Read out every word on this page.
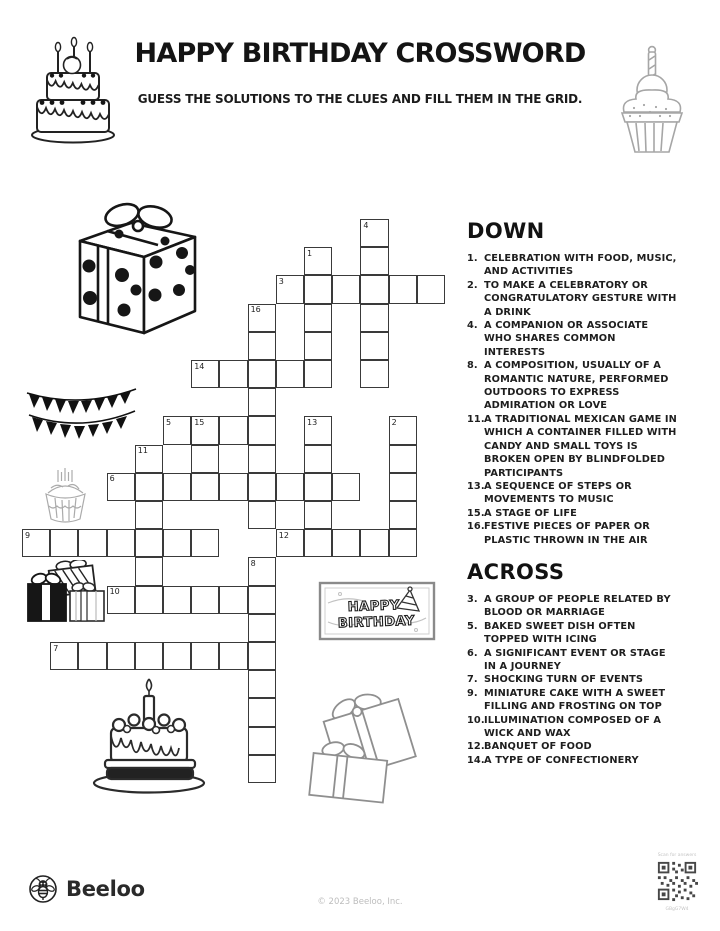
HAPPY BIRTHDAY CROSSWORD
GUESS THE SOLUTIONS TO THE CLUES AND FILL THEM IN THE GRID.
HAPPY
BIRTHDAY
4
1
3
16
14
5	15	13	2
11
6
9	12
8
10
7
DOWN
1. CELEBRATION WITH FOOD, MUSIC, AND ACTIVITIES
2. TO MAKE A CELEBRATORY OR CONGRATULATORY GESTURE WITH A DRINK
4. A COMPANION OR ASSOCIATE WHO SHARES COMMON INTERESTS
8. A COMPOSITION, USUALLY OF A ROMANTIC NATURE, PERFORMED OUTDOORS TO EXPRESS ADMIRATION OR LOVE
11. A TRADITIONAL MEXICAN GAME IN WHICH A CONTAINER FILLED WITH CANDY AND SMALL TOYS IS BROKEN OPEN BY BLINDFOLDED PARTICIPANTS
13. A SEQUENCE OF STEPS OR MOVEMENTS TO MUSIC
15. A STAGE OF LIFE
16. FESTIVE PIECES OF PAPER OR PLASTIC THROWN IN THE AIR
ACROSS
3. A GROUP OF PEOPLE RELATED BY BLOOD OR MARRIAGE
5. BAKED SWEET DISH OFTEN TOPPED WITH ICING
6. A SIGNIFICANT EVENT OR STAGE IN A JOURNEY
7. SHOCKING TURN OF EVENTS
9. MINIATURE CAKE WITH A SWEET FILLING AND FROSTING ON TOP
10. ILLUMINATION COMPOSED OF A WICK AND WAX
12. BANQUET OF FOOD
14. A TYPE OF CONFECTIONERY
Beeloo
© 2023 Beeloo, Inc.
Scan for answers
GBgG7W4
